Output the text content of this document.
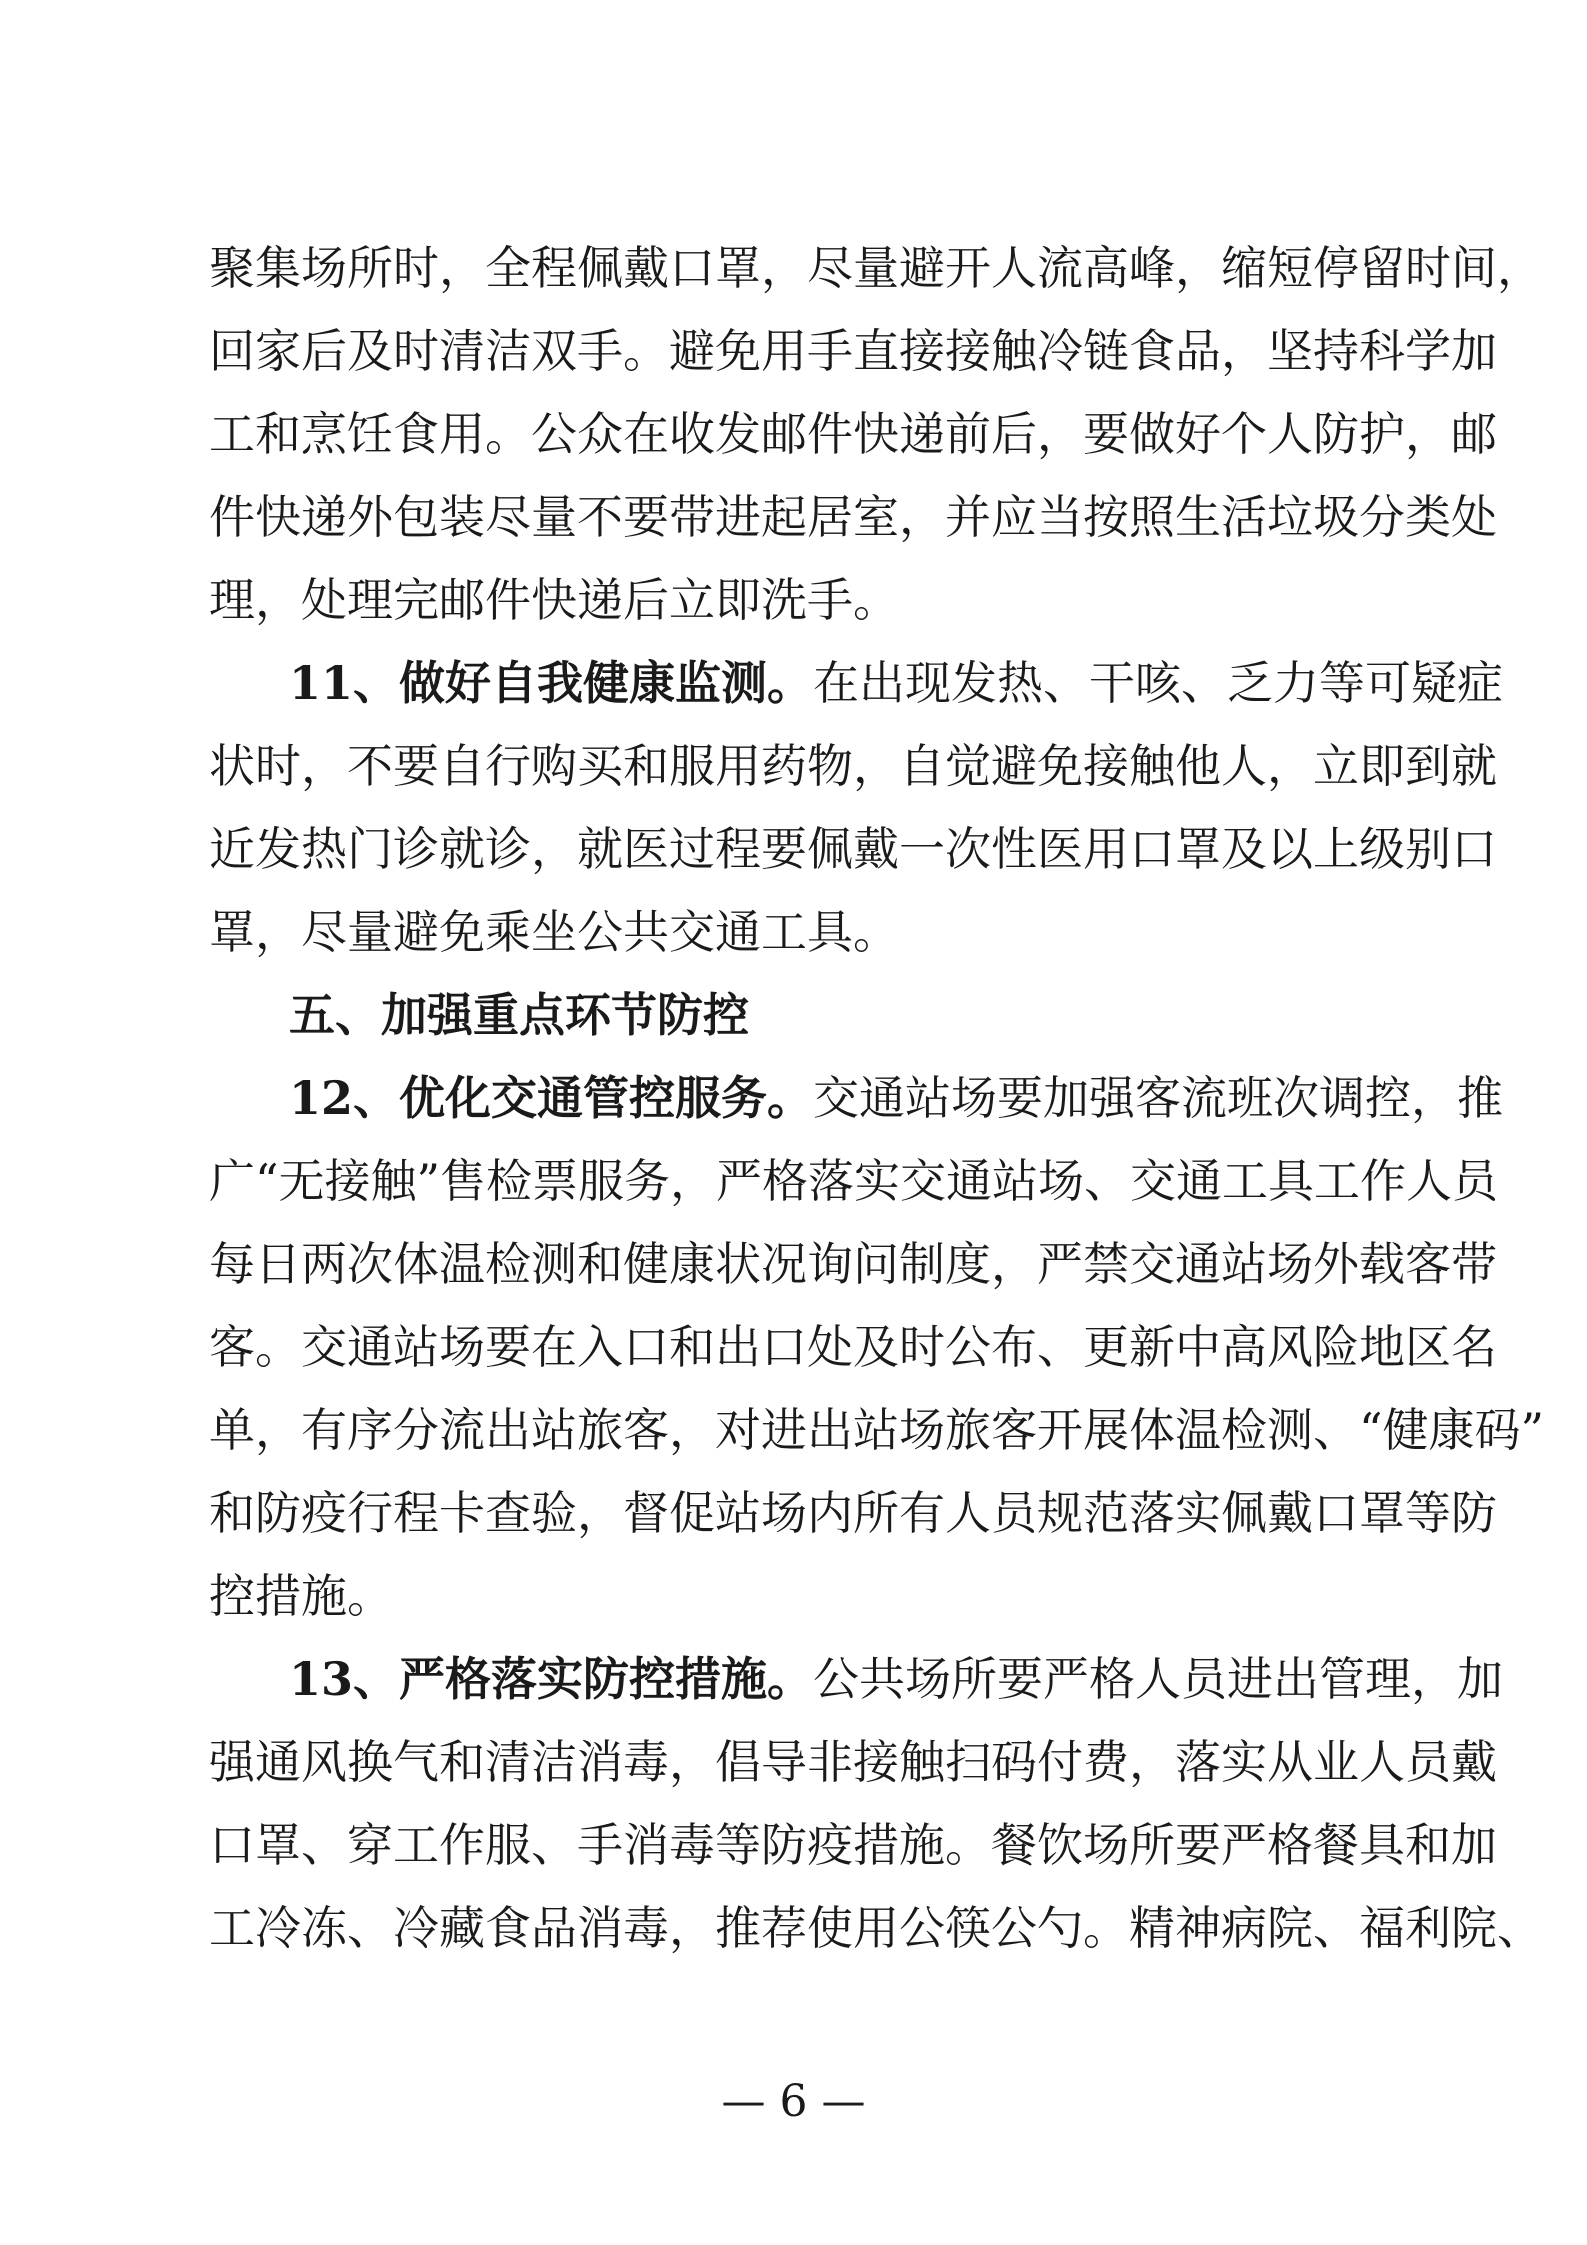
聚集场所时，全程佩戴口罩，尽量避开人流高峰，缩短停留时间，
回家后及时清洁双手。避免用手直接接触冷链食品，坚持科学加
工和烹饪食用。公众在收发邮件快递前后，要做好个人防护，邮
件快递外包装尽量不要带进起居室，并应当按照生活垃圾分类处
理，处理完邮件快递后立即洗手。
11、做好自我健康监测。在出现发热、干咳、乏力等可疑症
状时，不要自行购买和服用药物，自觉避免接触他人，立即到就
近发热门诊就诊，就医过程要佩戴一次性医用口罩及以上级别口
罩，尽量避免乘坐公共交通工具。
五、加强重点环节防控
12、优化交通管控服务。交通站场要加强客流班次调控，推
广“无接触”售检票服务，严格落实交通站场、交通工具工作人员
每日两次体温检测和健康状况询问制度，严禁交通站场外载客带
客。交通站场要在入口和出口处及时公布、更新中高风险地区名
单，有序分流出站旅客，对进出站场旅客开展体温检测、“健康码”
和防疫行程卡查验，督促站场内所有人员规范落实佩戴口罩等防
控措施。
13、严格落实防控措施。公共场所要严格人员进出管理，加
强通风换气和清洁消毒，倡导非接触扫码付费，落实从业人员戴
口罩、穿工作服、手消毒等防疫措施。餐饮场所要严格餐具和加
工冷冻、冷藏食品消毒，推荐使用公筷公勺。精神病院、福利院、
— 6 —
